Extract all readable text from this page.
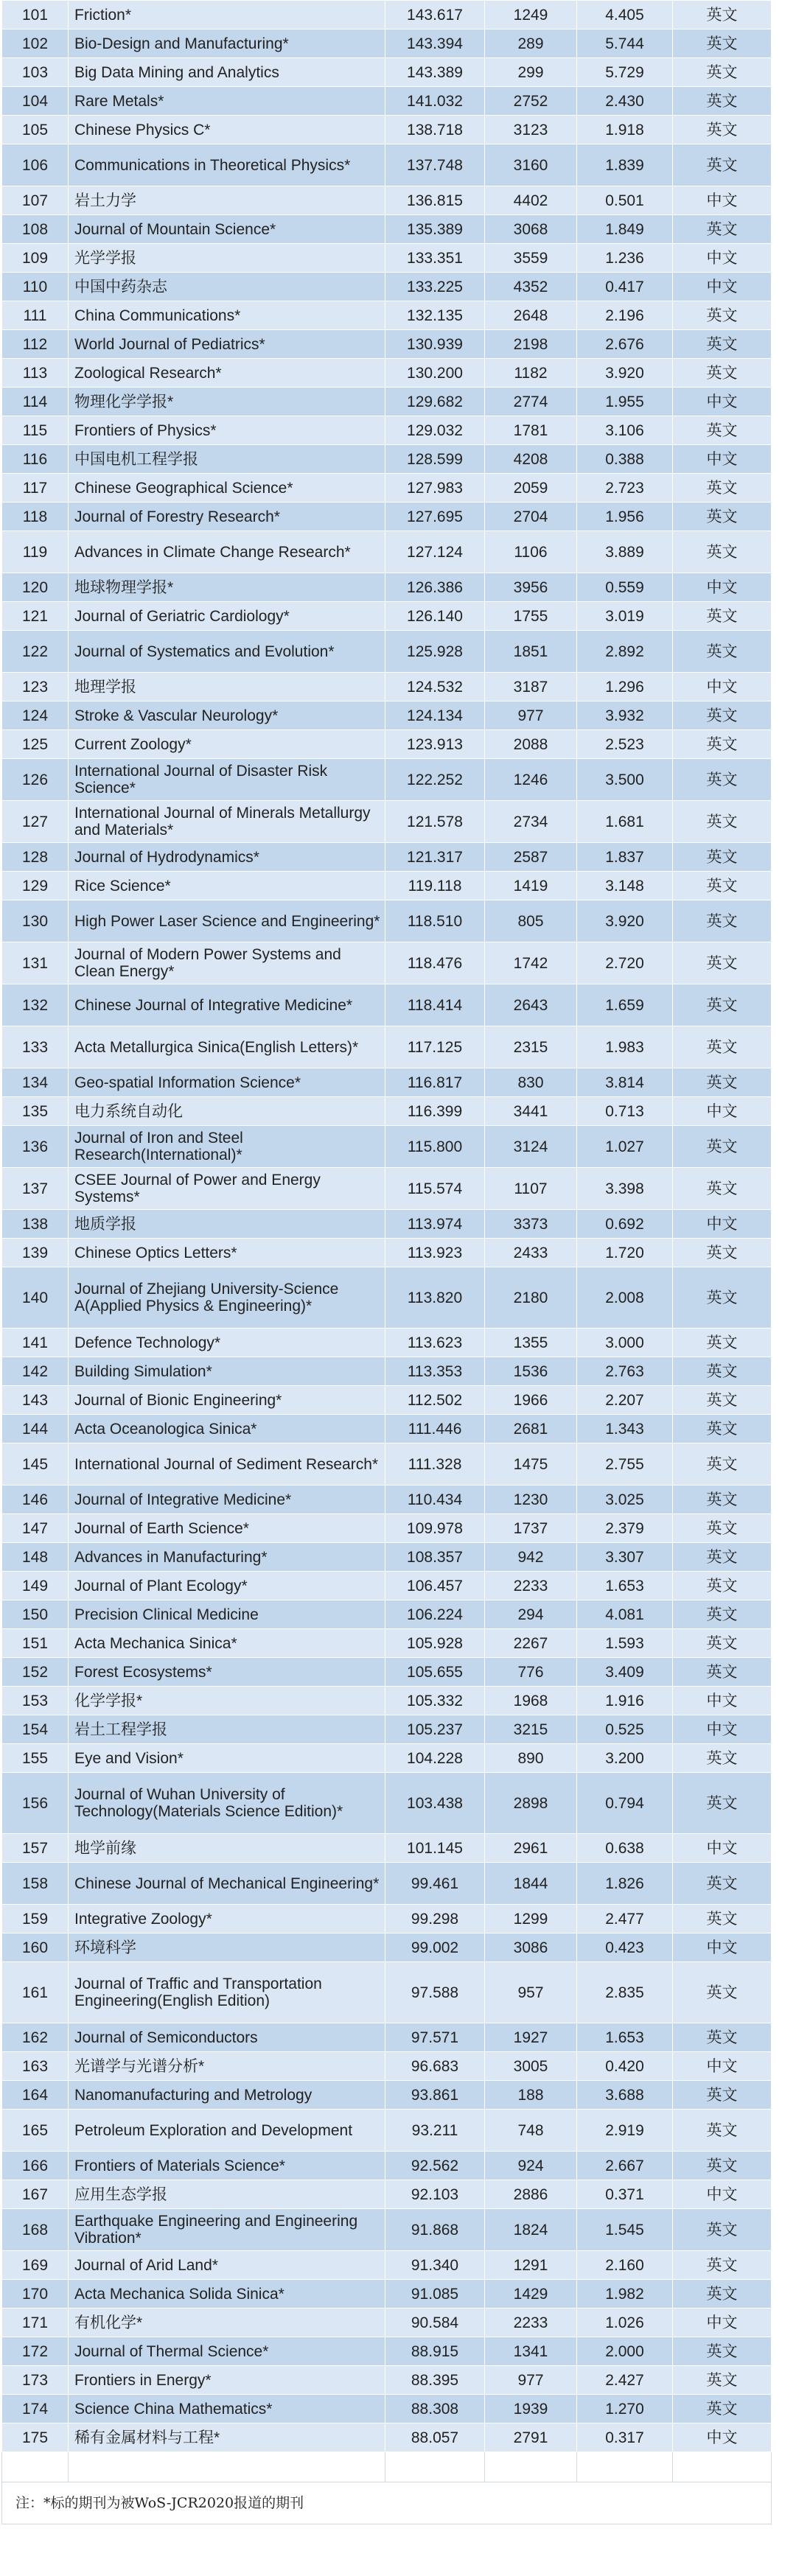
101	Friction*	143.617	1249	4.405	英文
102	Bio-Design and Manufacturing*	143.394	289	5.744	英文
103	Big Data Mining and Analytics	143.389	299	5.729	英文
104	Rare Metals*	141.032	2752	2.430	英文
105	Chinese Physics C*	138.718	3123	1.918	英文
106	Communications in Theoretical Physics*	137.748	3160	1.839	英文
107	岩土力学	136.815	4402	0.501	中文
108	Journal of Mountain Science*	135.389	3068	1.849	英文
109	光学学报	133.351	3559	1.236	中文
110	中国中药杂志	133.225	4352	0.417	中文
111	China Communications*	132.135	2648	2.196	英文
112	World Journal of Pediatrics*	130.939	2198	2.676	英文
113	Zoological Research*	130.200	1182	3.920	英文
114	物理化学学报*	129.682	2774	1.955	中文
115	Frontiers of Physics*	129.032	1781	3.106	英文
116	中国电机工程学报	128.599	4208	0.388	中文
117	Chinese Geographical Science*	127.983	2059	2.723	英文
118	Journal of Forestry Research*	127.695	2704	1.956	英文
119	Advances in Climate Change Research*	127.124	1106	3.889	英文
120	地球物理学报*	126.386	3956	0.559	中文
121	Journal of Geriatric Cardiology*	126.140	1755	3.019	英文
122	Journal of Systematics and Evolution*	125.928	1851	2.892	英文
123	地理学报	124.532	3187	1.296	中文
124	Stroke & Vascular Neurology*	124.134	977	3.932	英文
125	Current Zoology*	123.913	2088	2.523	英文
126	International Journal of Disaster Risk Science*	122.252	1246	3.500	英文
127	International Journal of Minerals Metallurgy and Materials*	121.578	2734	1.681	英文
128	Journal of Hydrodynamics*	121.317	2587	1.837	英文
129	Rice Science*	119.118	1419	3.148	英文
130	High Power Laser Science and Engineering*	118.510	805	3.920	英文
131	Journal of Modern Power Systems and Clean Energy*	118.476	1742	2.720	英文
132	Chinese Journal of Integrative Medicine*	118.414	2643	1.659	英文
133	Acta Metallurgica Sinica(English Letters)*	117.125	2315	1.983	英文
134	Geo-spatial Information Science*	116.817	830	3.814	英文
135	电力系统自动化	116.399	3441	0.713	中文
136	Journal of Iron and Steel Research(International)*	115.800	3124	1.027	英文
137	CSEE Journal of Power and Energy Systems*	115.574	1107	3.398	英文
138	地质学报	113.974	3373	0.692	中文
139	Chinese Optics Letters*	113.923	2433	1.720	英文
140	Journal of Zhejiang University-Science A(Applied Physics & Engineering)*	113.820	2180	2.008	英文
141	Defence Technology*	113.623	1355	3.000	英文
142	Building Simulation*	113.353	1536	2.763	英文
143	Journal of Bionic Engineering*	112.502	1966	2.207	英文
144	Acta Oceanologica Sinica*	111.446	2681	1.343	英文
145	International Journal of Sediment Research*	111.328	1475	2.755	英文
146	Journal of Integrative Medicine*	110.434	1230	3.025	英文
147	Journal of Earth Science*	109.978	1737	2.379	英文
148	Advances in Manufacturing*	108.357	942	3.307	英文
149	Journal of Plant Ecology*	106.457	2233	1.653	英文
150	Precision Clinical Medicine	106.224	294	4.081	英文
151	Acta Mechanica Sinica*	105.928	2267	1.593	英文
152	Forest Ecosystems*	105.655	776	3.409	英文
153	化学学报*	105.332	1968	1.916	中文
154	岩土工程学报	105.237	3215	0.525	中文
155	Eye and Vision*	104.228	890	3.200	英文
156	Journal of Wuhan University of Technology(Materials Science Edition)*	103.438	2898	0.794	英文
157	地学前缘	101.145	2961	0.638	中文
158	Chinese Journal of Mechanical Engineering*	99.461	1844	1.826	英文
159	Integrative Zoology*	99.298	1299	2.477	英文
160	环境科学	99.002	3086	0.423	中文
161	Journal of Traffic and Transportation Engineering(English Edition)	97.588	957	2.835	英文
162	Journal of Semiconductors	97.571	1927	1.653	英文
163	光谱学与光谱分析*	96.683	3005	0.420	中文
164	Nanomanufacturing and Metrology	93.861	188	3.688	英文
165	Petroleum Exploration and Development	93.211	748	2.919	英文
166	Frontiers of Materials Science*	92.562	924	2.667	英文
167	应用生态学报	92.103	2886	0.371	中文
168	Earthquake Engineering and Engineering Vibration*	91.868	1824	1.545	英文
169	Journal of Arid Land*	91.340	1291	2.160	英文
170	Acta Mechanica Solida Sinica*	91.085	1429	1.982	英文
171	有机化学*	90.584	2233	1.026	中文
172	Journal of Thermal Science*	88.915	1341	2.000	英文
173	Frontiers in Energy*	88.395	977	2.427	英文
174	Science China Mathematics*	88.308	1939	1.270	英文
175	稀有金属材料与工程*	88.057	2791	0.317	中文

注：*标的期刊为被WoS-JCR2020报道的期刊					
